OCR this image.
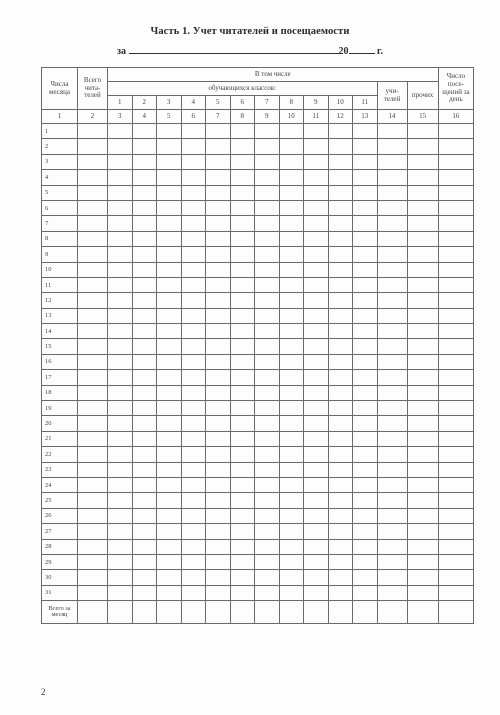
Часть 1. Учет читателей и посещаемости
за	20	г.
Числа месяца	Всего чита-телей	В том числе													Число посе-щений за день
		обучающихся классов:											учи-телей	прочих	
		1	2	3	4	5	6	7	8	9	10	11			
1	2	3	4	5	6	7	8	9	10	11	12	13	14	15	16
1															
2															
3															
4															
5															
6															
7															
8															
9															
10															
11															
12															
13															
14															
15															
16															
17															
18															
19															
20															
21															
22															
23															
24															
25															
26															
27															
28															
29															
30															
31															
Всего за месяц															
2
